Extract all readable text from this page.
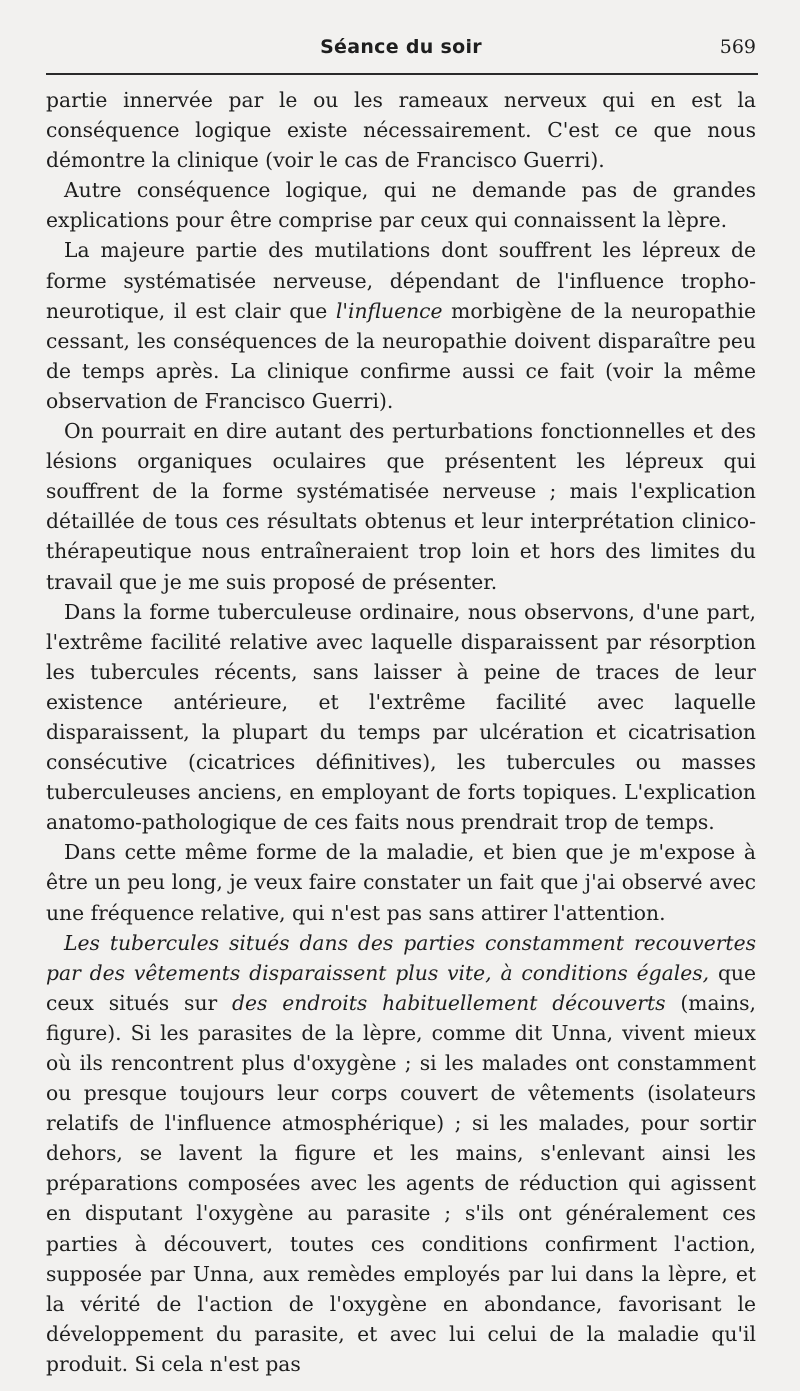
Séance du soir	569

partie innervée par le ou les rameaux nerveux qui en est la conséquence logique existe nécessairement. C'est ce que nous démontre la clinique (voir le cas de Francisco Guerri).

Autre conséquence logique, qui ne demande pas de grandes explications pour être comprise par ceux qui connaissent la lèpre.

La majeure partie des mutilations dont souffrent les lépreux de forme systématisée nerveuse, dépendant de l'influence tropho-neurotique, il est clair que l'influence morbigène de la neuropathie cessant, les conséquences de la neuropathie doivent disparaître peu de temps après. La clinique confirme aussi ce fait (voir la même observation de Francisco Guerri).

On pourrait en dire autant des perturbations fonctionnelles et des lésions organiques oculaires que présentent les lépreux qui souffrent de la forme systématisée nerveuse ; mais l'explication détaillée de tous ces résultats obtenus et leur interprétation clinico-thérapeutique nous entraîneraient trop loin et hors des limites du travail que je me suis proposé de présenter.

Dans la forme tuberculeuse ordinaire, nous observons, d'une part, l'extrême facilité relative avec laquelle disparaissent par résorption les tubercules récents, sans laisser à peine de traces de leur existence antérieure, et l'extrême facilité avec laquelle disparaissent, la plupart du temps par ulcération et cicatrisation consécutive (cicatrices définitives), les tubercules ou masses tuberculeuses anciens, en employant de forts topiques. L'explication anatomo-pathologique de ces faits nous prendrait trop de temps.

Dans cette même forme de la maladie, et bien que je m'expose à être un peu long, je veux faire constater un fait que j'ai observé avec une fréquence relative, qui n'est pas sans attirer l'attention.

Les tubercules situés dans des parties constamment recouvertes par des vêtements disparaissent plus vite, à conditions égales, que ceux situés sur des endroits habituellement découverts (mains, figure). Si les parasites de la lèpre, comme dit Unna, vivent mieux où ils rencontrent plus d'oxygène ; si les malades ont constamment ou presque toujours leur corps couvert de vêtements (isolateurs relatifs de l'influence atmosphérique) ; si les malades, pour sortir dehors, se lavent la figure et les mains, s'enlevant ainsi les préparations composées avec les agents de réduction qui agissent en disputant l'oxygène au parasite ; s'ils ont généralement ces parties à découvert, toutes ces conditions confirment l'action, supposée par Unna, aux remèdes employés par lui dans la lèpre, et la vérité de l'action de l'oxygène en abondance, favorisant le développement du parasite, et avec lui celui de la maladie qu'il produit. Si cela n'est pas
